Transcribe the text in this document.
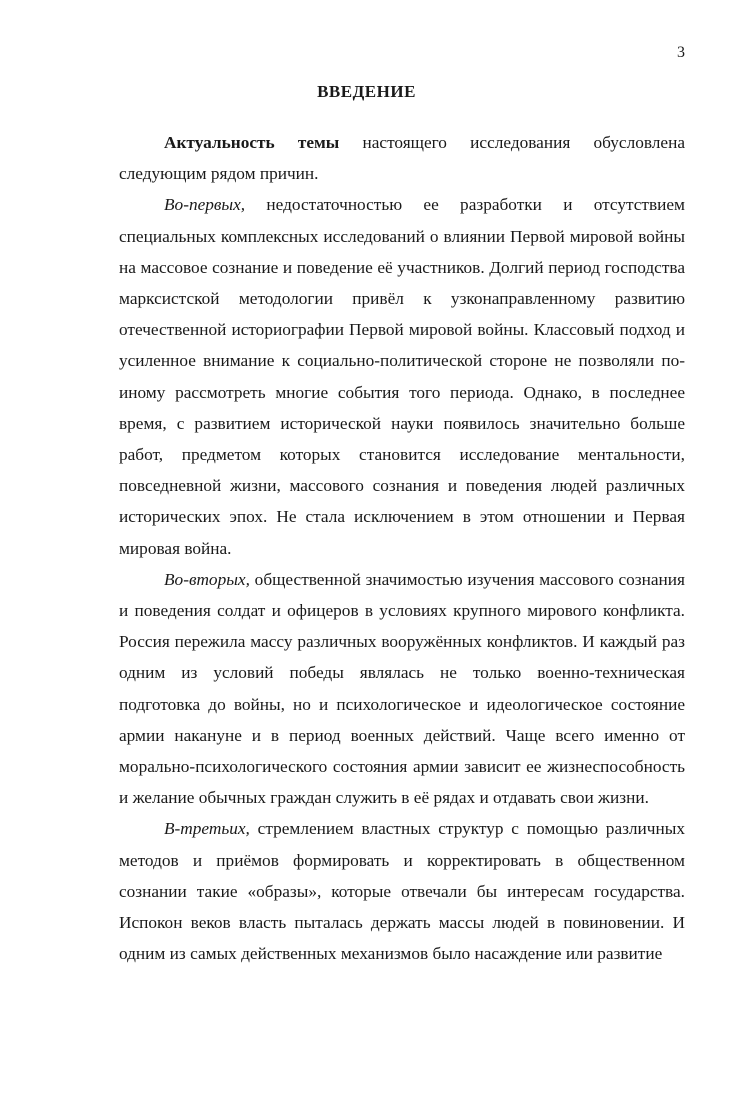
3
ВВЕДЕНИЕ

Актуальность темы настоящего исследования обусловлена следующим рядом причин.

Во-первых, недостаточностью ее разработки и отсутствием специальных комплексных исследований о влиянии Первой мировой войны на массовое сознание и поведение её участников. Долгий период господства марксистской методологии привёл к узконаправленному развитию отечественной историографии Первой мировой войны. Классовый подход и усиленное внимание к социально-политической стороне не позволяли по-иному рассмотреть многие события того периода. Однако, в последнее время, с развитием исторической науки появилось значительно больше работ, предметом которых становится исследование ментальности, повседневной жизни, массового сознания и поведения людей различных исторических эпох. Не стала исключением в этом отношении и Первая мировая война.

Во-вторых, общественной значимостью изучения массового сознания и поведения солдат и офицеров в условиях крупного мирового конфликта. Россия пережила массу различных вооружённых конфликтов. И каждый раз одним из условий победы являлась не только военно-техническая подготовка до войны, но и психологическое и идеологическое состояние армии накануне и в период военных действий. Чаще всего именно от морально-психологического состояния армии зависит ее жизнеспособность и желание обычных граждан служить в её рядах и отдавать свои жизни.

В-третьих, стремлением властных структур с помощью различных методов и приёмов формировать и корректировать в общественном сознании такие «образы», которые отвечали бы интересам государства. Испокон веков власть пыталась держать массы людей в повиновении. И одним из самых действенных механизмов было насаждение или развитие
